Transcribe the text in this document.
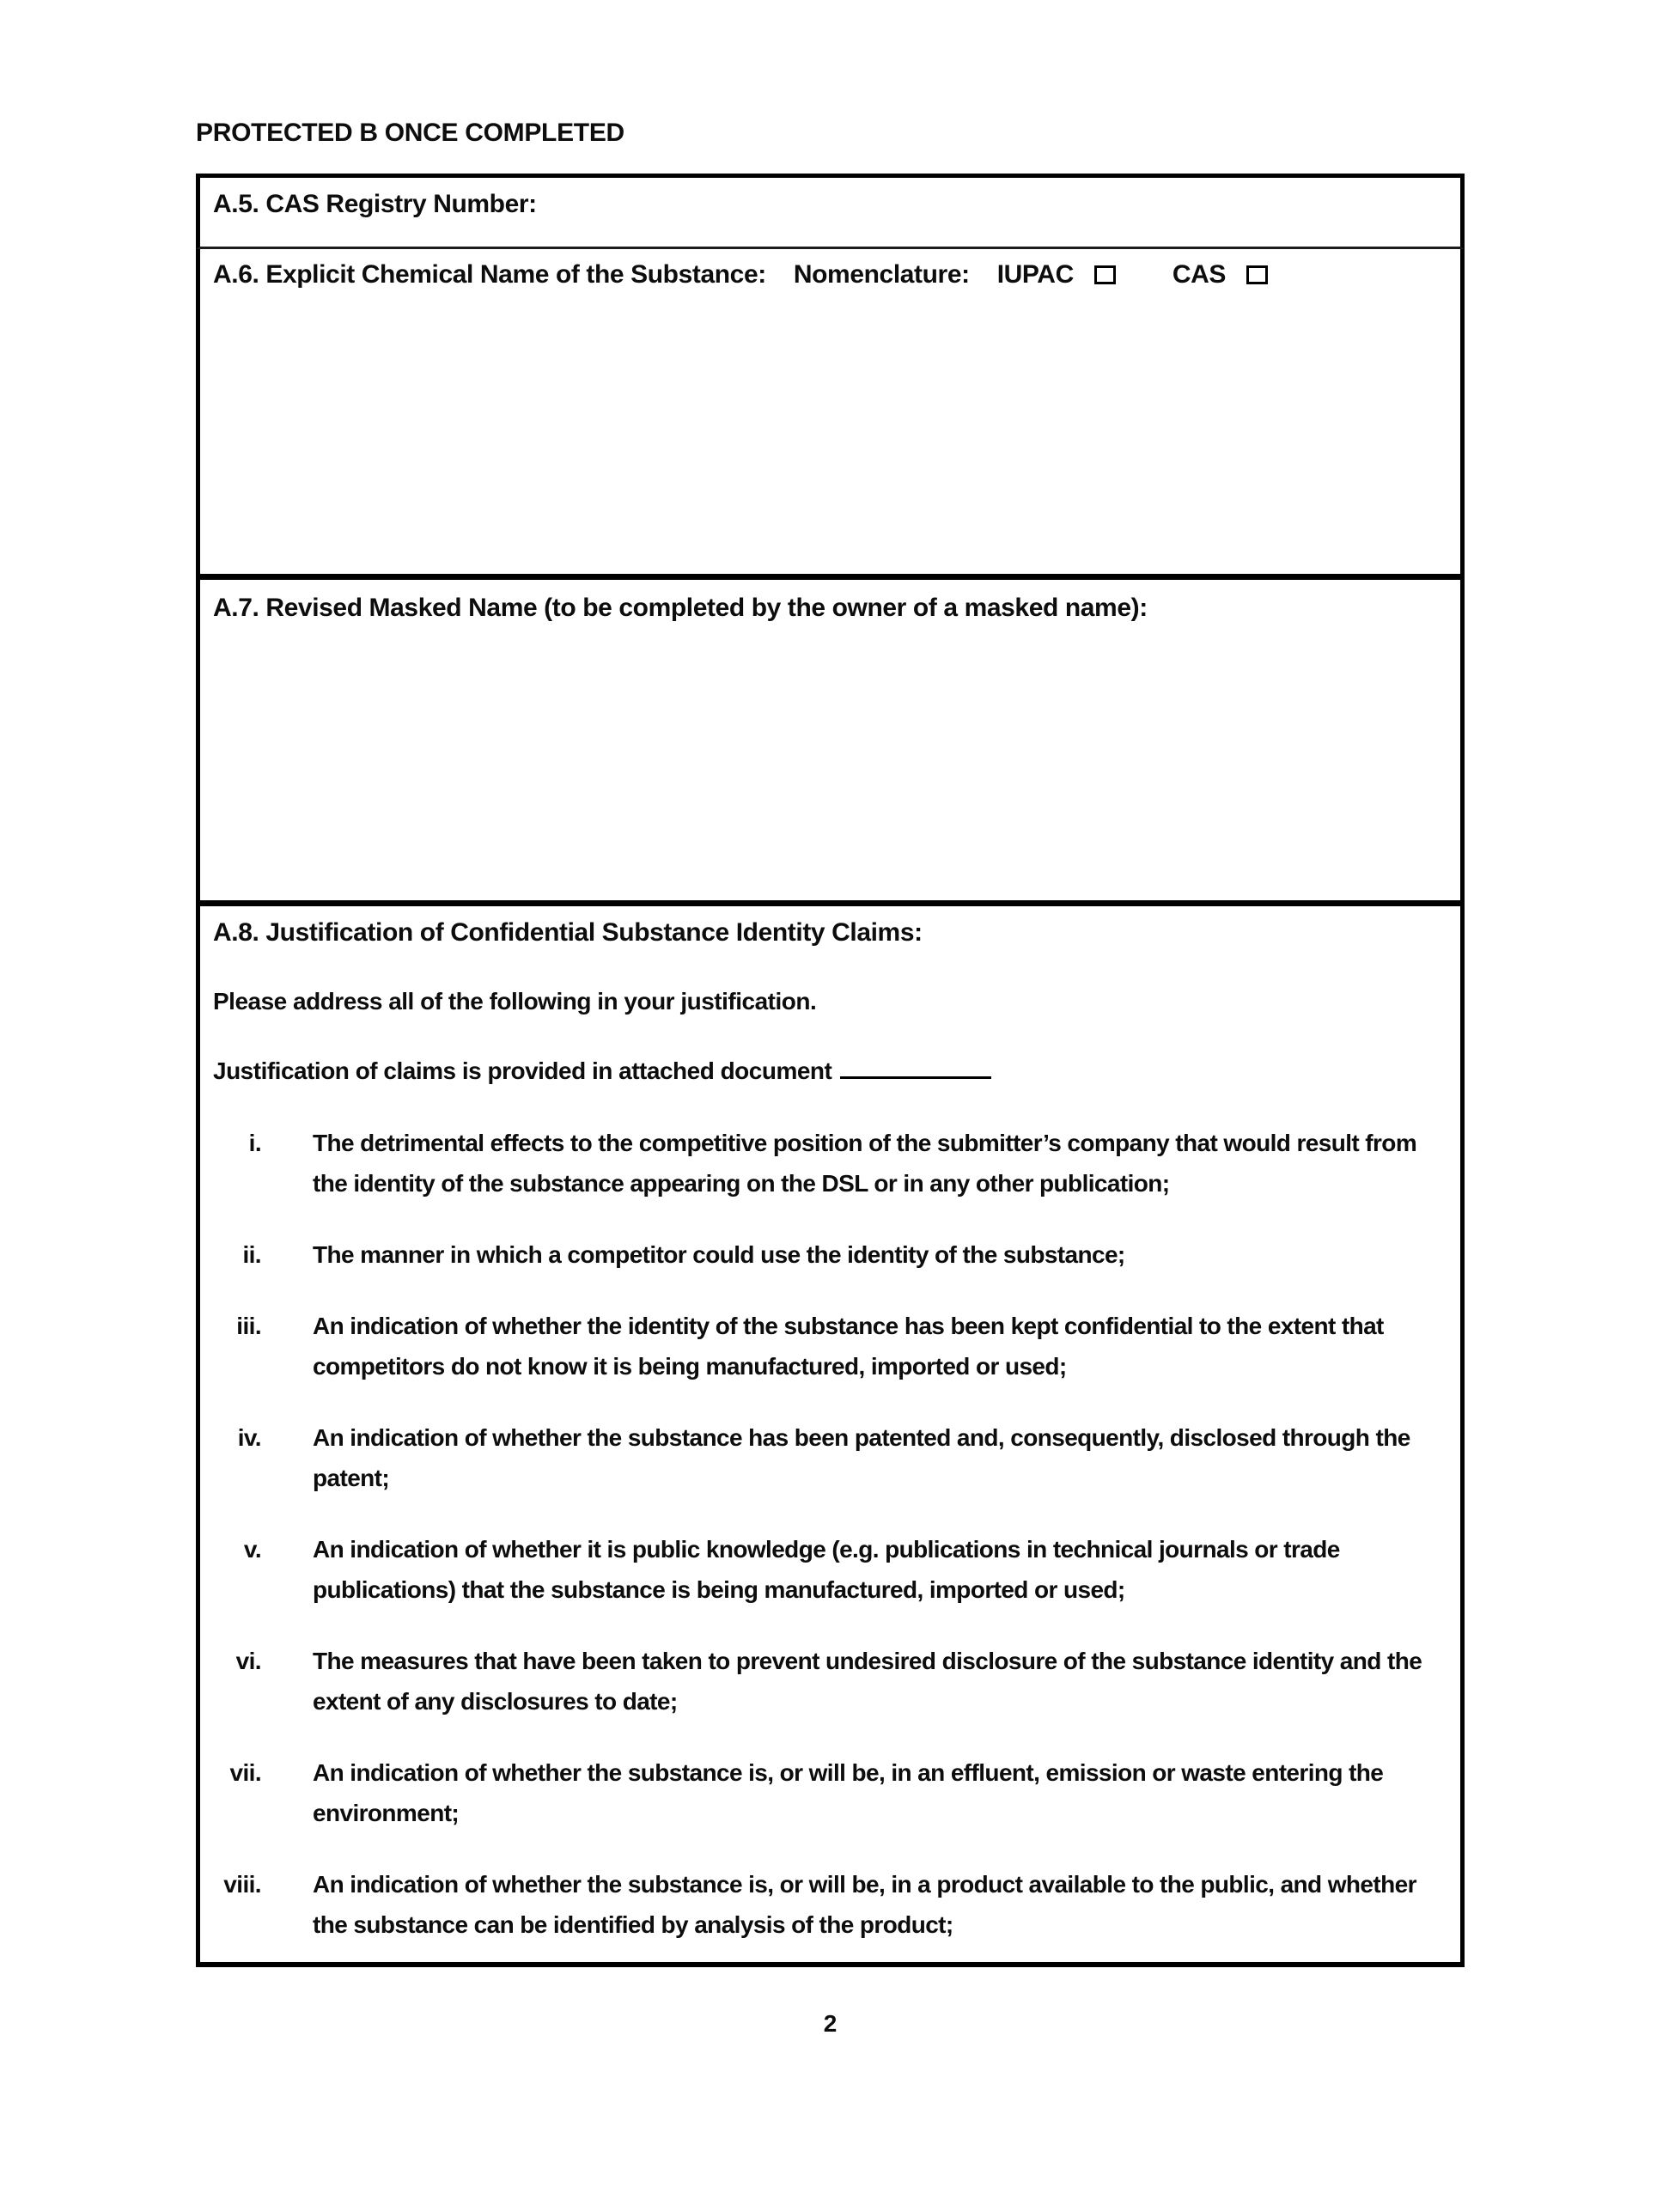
PROTECTED B ONCE COMPLETED
A.5. CAS Registry Number:
A.6. Explicit Chemical Name of the Substance: Nomenclature: IUPAC	CAS
A.7. Revised Masked Name (to be completed by the owner of a masked name):
A.8. Justification of Confidential Substance Identity Claims:
Please address all of the following in your justification.
Justification of claims is provided in attached document
i. The detrimental effects to the competitive position of the submitter’s company that would result from the identity of the substance appearing on the DSL or in any other publication;
ii. The manner in which a competitor could use the identity of the substance;
iii. An indication of whether the identity of the substance has been kept confidential to the extent that competitors do not know it is being manufactured, imported or used;
iv. An indication of whether the substance has been patented and, consequently, disclosed through the patent;
v. An indication of whether it is public knowledge (e.g. publications in technical journals or trade publications) that the substance is being manufactured, imported or used;
vi. The measures that have been taken to prevent undesired disclosure of the substance identity and the extent of any disclosures to date;
vii. An indication of whether the substance is, or will be, in an effluent, emission or waste entering the environment;
viii. An indication of whether the substance is, or will be, in a product available to the public, and whether the substance can be identified by analysis of the product;
2
